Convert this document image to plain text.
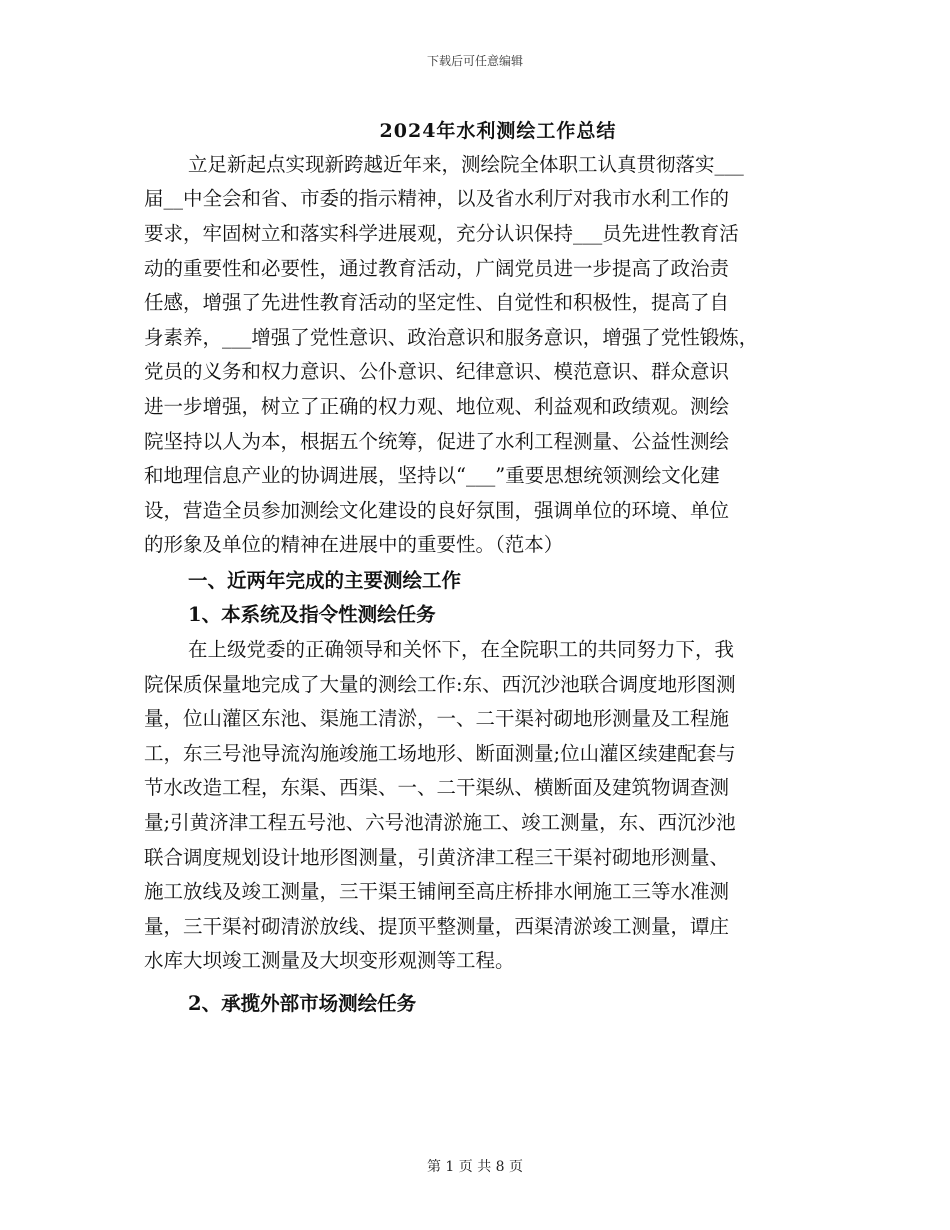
下载后可任意编辑
2024年水利测绘工作总结
立足新起点实现新跨越近年来，测绘院全体职工认真贯彻落实___
届__中全会和省、市委的指示精神，以及省水利厅对我市水利工作的
要求，牢固树立和落实科学进展观，充分认识保持___员先进性教育活
动的重要性和必要性，通过教育活动，广阔党员进一步提高了政治责
任感，增强了先进性教育活动的坚定性、自觉性和积极性，提高了自
身素养，___增强了党性意识、政治意识和服务意识，增强了党性锻炼，
党员的义务和权力意识、公仆意识、纪律意识、模范意识、群众意识
进一步增强，树立了正确的权力观、地位观、利益观和政绩观。测绘
院坚持以人为本，根据五个统筹，促进了水利工程测量、公益性测绘
和地理信息产业的协调进展，坚持以“___”重要思想统领测绘文化建
设，营造全员参加测绘文化建设的良好氛围，强调单位的环境、单位
的形象及单位的精神在进展中的重要性。（范本）
一、近两年完成的主要测绘工作
1、本系统及指令性测绘任务
在上级党委的正确领导和关怀下，在全院职工的共同努力下，我
院保质保量地完成了大量的测绘工作:东、西沉沙池联合调度地形图测
量，位山灌区东池、渠施工清淤，一、二干渠衬砌地形测量及工程施
工，东三号池导流沟施竣施工场地形、断面测量;位山灌区续建配套与
节水改造工程，东渠、西渠、一、二干渠纵、横断面及建筑物调查测
量;引黄济津工程五号池、六号池清淤施工、竣工测量，东、西沉沙池
联合调度规划设计地形图测量，引黄济津工程三干渠衬砌地形测量、
施工放线及竣工测量，三干渠王铺闸至高庄桥排水闸施工三等水准测
量，三干渠衬砌清淤放线、提顶平整测量，西渠清淤竣工测量，谭庄
水库大坝竣工测量及大坝变形观测等工程。
2、承揽外部市场测绘任务
第 1 页 共 8 页
